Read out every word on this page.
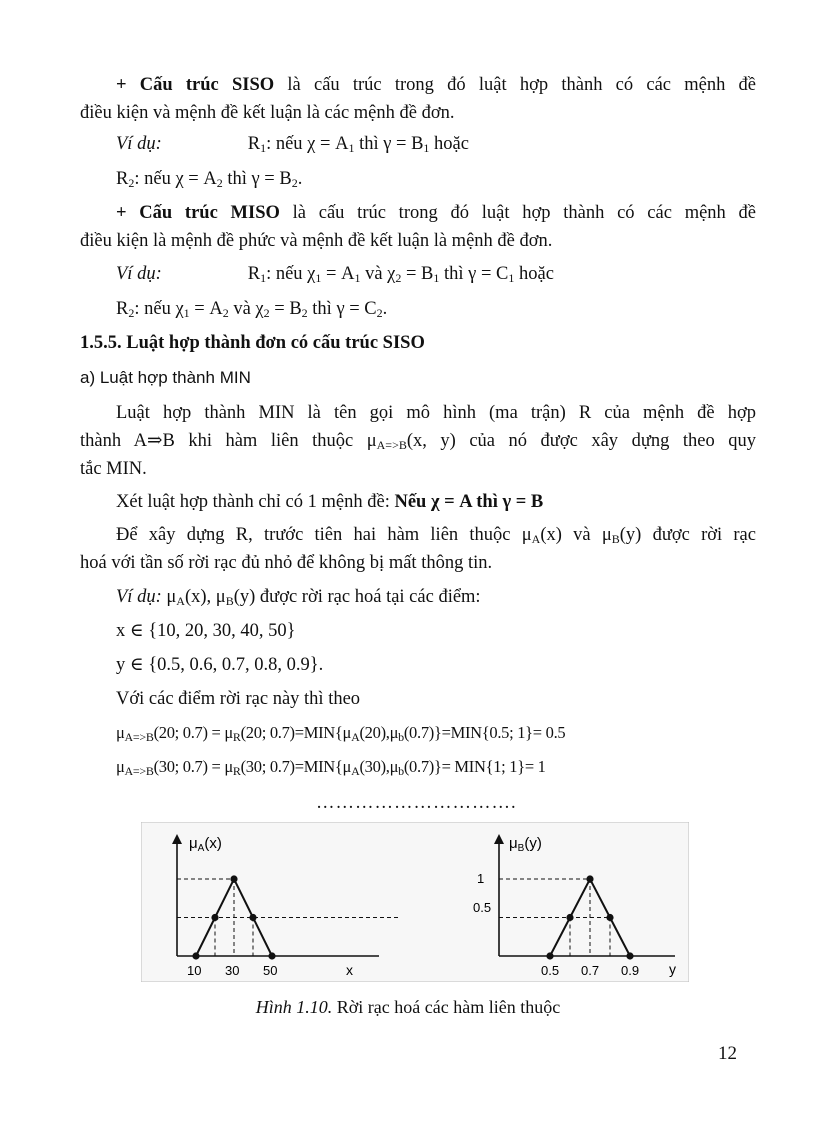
+ Cấu trúc SISO là cấu trúc trong đó luật hợp thành có các mệnh đề
điều kiện và mệnh đề kết luận là các mệnh đề đơn.
Ví dụ:	$R_1$: nếu $\chi = A_1$ thì $\gamma = B_1$ hoặc
$R_2$: nếu $\chi = A_2$ thì $\gamma = B_2$.
+ Cấu trúc MISO là cấu trúc trong đó luật hợp thành có các mệnh đề
điều kiện là mệnh đề phức và mệnh đề kết luận là mệnh đề đơn.
Ví dụ:	$R_1$: nếu $\chi_1 = A_1$ và $\chi_2 = B_1$ thì $\gamma = C_1$ hoặc
$R_2$: nếu $\chi_1 = A_2$ và $\chi_2 = B_2$ thì $\gamma = C_2$.
1.5.5. Luật hợp thành đơn có cấu trúc SISO
a) Luật hợp thành MIN
Luật hợp thành MIN là tên gọi mô hình (ma trận) R của mệnh đề hợp
thành A⇒B khi hàm liên thuộc $\mu_{A=>B}(x$, y) của nó được xây dựng theo quy
tắc MIN.
Xét luật hợp thành chỉ có 1 mệnh đề: Nếu χ = A thì γ = B
Để xây dựng R, trước tiên hai hàm liên thuộc $\mu_A(x)$ và $\mu_B(y)$ được rời rạc
hoá với tần số rời rạc đủ nhỏ để không bị mất thông tin.
Ví dụ: $\mu_A(x)$, $\mu_B(y)$ được rời rạc hoá tại các điểm:
x ∈ {10, 20, 30, 40, 50}
y ∈ {0.5, 0.6, 0.7, 0.8, 0.9}.
Với các điểm rời rạc này thì theo
$\mu_{A=>B}(20$; $0.7) = \mu_R(20$; $0.7)=MIN\{\mu_A(20),\mu_b(0.7)\}=MIN\{0.5$; 1}= 0.5
$\mu_{A=>B}(30$; $0.7) = \mu_R(30$; $0.7)=MIN\{\mu_A(30),\mu_b(0.7)\}= MIN\{1$; 1}= 1
………………………….
$\mu_A(x)$
x
10 30 50
$\mu_B(y)$
1
0.5
y
0.5 0.7 0.9
Hình 1.10. Rời rạc hoá các hàm liên thuộc
12
